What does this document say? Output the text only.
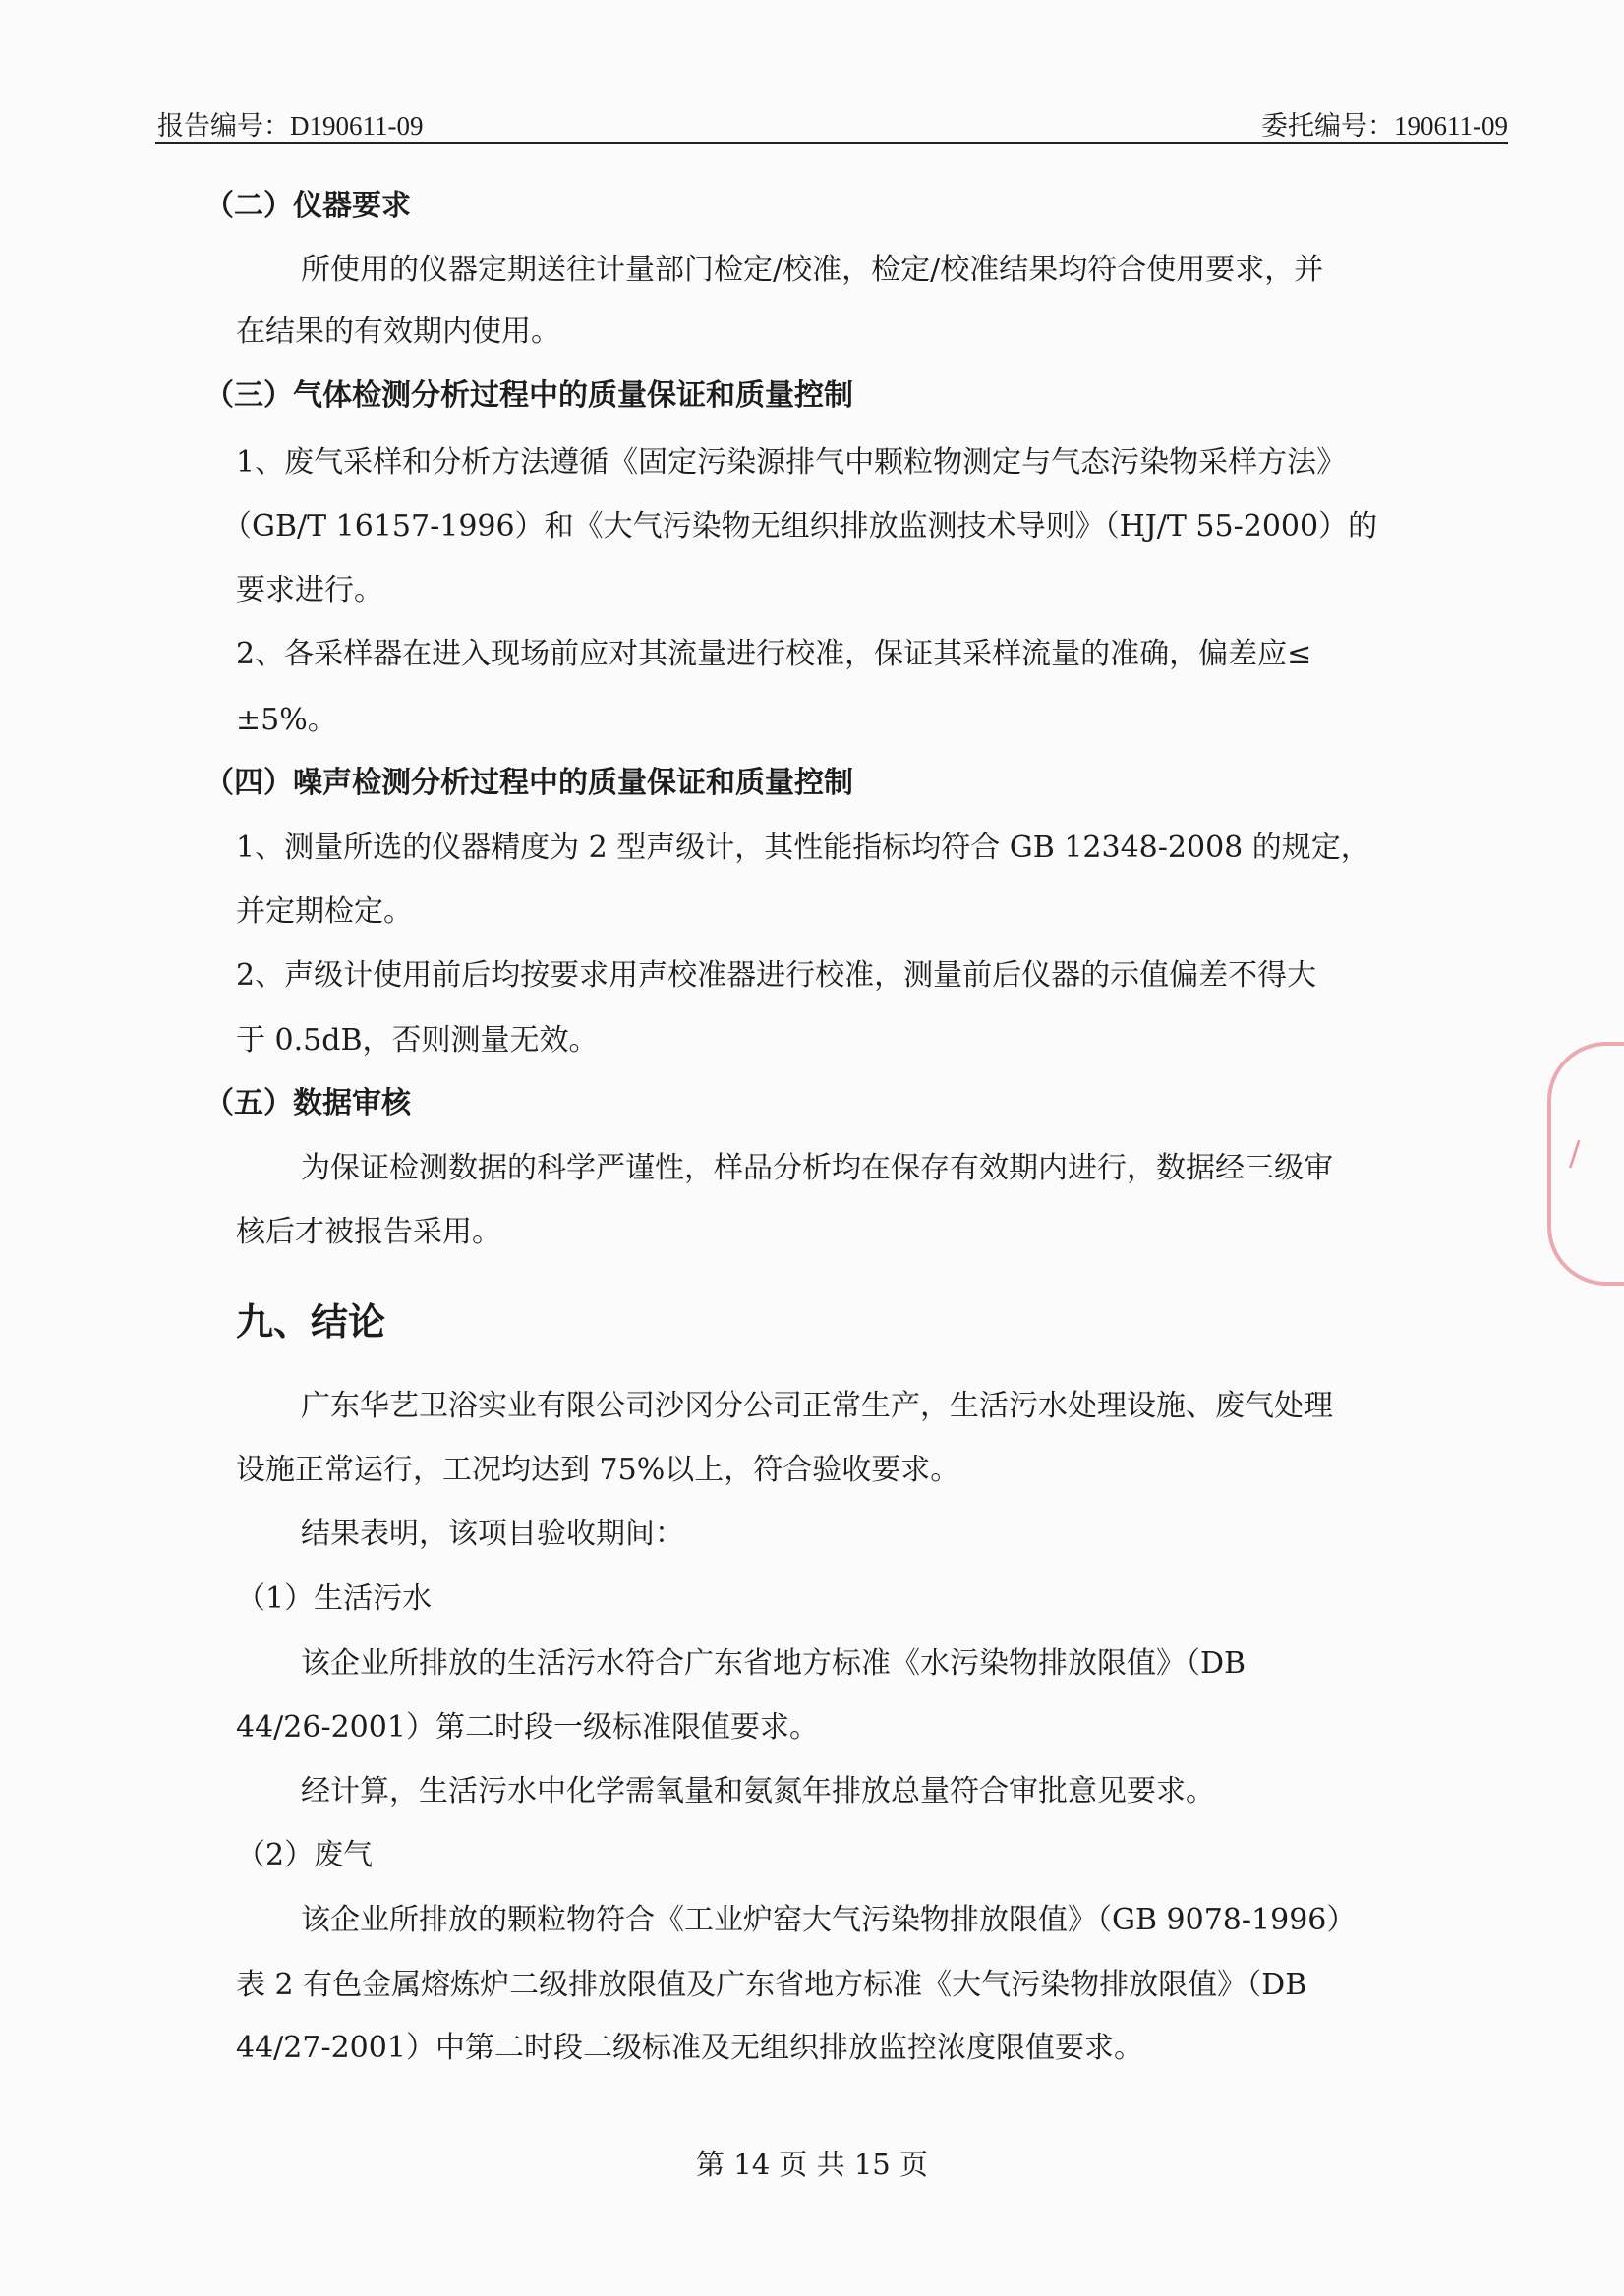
报告编号：D190611-09	委托编号：190611-09
（二）仪器要求
所使用的仪器定期送往计量部门检定/校准，检定/校准结果均符合使用要求，并
在结果的有效期内使用。
（三）气体检测分析过程中的质量保证和质量控制
1、废气采样和分析方法遵循《固定污染源排气中颗粒物测定与气态污染物采样方法》
（GB/T 16157-1996）和《大气污染物无组织排放监测技术导则》（HJ/T 55-2000）的
要求进行。
2、各采样器在进入现场前应对其流量进行校准，保证其采样流量的准确，偏差应≤
±5%。
（四）噪声检测分析过程中的质量保证和质量控制
1、测量所选的仪器精度为 2 型声级计，其性能指标均符合 GB 12348-2008 的规定，
并定期检定。
2、声级计使用前后均按要求用声校准器进行校准，测量前后仪器的示值偏差不得大
于 0.5dB，否则测量无效。
（五）数据审核
为保证检测数据的科学严谨性，样品分析均在保存有效期内进行，数据经三级审
核后才被报告采用。
九、结论
广东华艺卫浴实业有限公司沙冈分公司正常生产，生活污水处理设施、废气处理
设施正常运行，工况均达到 75%以上，符合验收要求。
结果表明，该项目验收期间：
（1）生活污水
该企业所排放的生活污水符合广东省地方标准《水污染物排放限值》（DB
44/26-2001）第二时段一级标准限值要求。
经计算，生活污水中化学需氧量和氨氮年排放总量符合审批意见要求。
（2）废气
该企业所排放的颗粒物符合《工业炉窑大气污染物排放限值》（GB 9078-1996）
表 2 有色金属熔炼炉二级排放限值及广东省地方标准《大气污染物排放限值》（DB
44/27-2001）中第二时段二级标准及无组织排放监控浓度限值要求。
/
第 14 页 共 15 页
